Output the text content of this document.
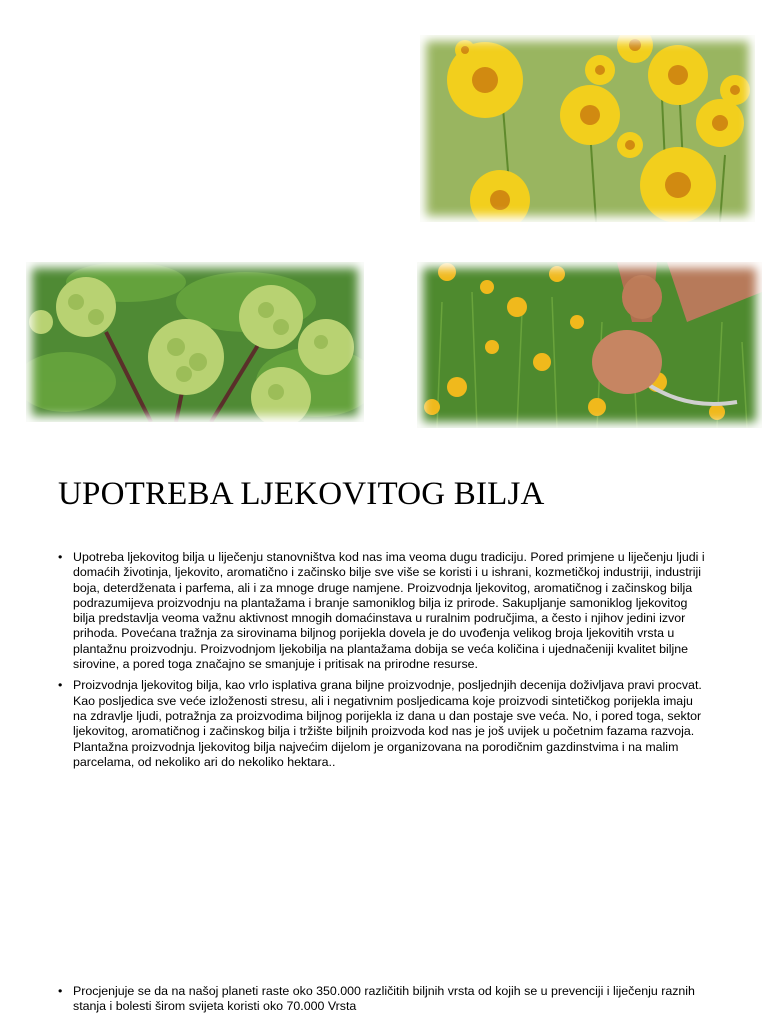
UPOTREBA LJEKOVITOG BILJA
• Upotreba ljekovitog bilja u liječenju stanovništva kod nas ima veoma dugu tradiciju. Pored primjene u liječenju ljudi i domaćih životinja, ljekovito, aromatično i začinsko bilje sve više se koristi i u ishrani, kozmetičkoj industriji, industriji boja, deterdženata i parfema, ali i za mnoge druge namjene. Proizvodnja ljekovitog, aromatičnog i začinskog bilja podrazumijeva proizvodnju na plantažama i branje samoniklog bilja iz prirode. Sakupljanje samoniklog ljekovitog bilja predstavlja veoma važnu aktivnost mnogih domaćinstava u ruralnim područjima, a često i njihov jedini izvor prihoda. Povećana tražnja za sirovinama biljnog porijekla dovela je do uvođenja velikog broja ljekovitih vrsta u plantažnu proizvodnju. Proizvodnjom ljekobilja na plantažama dobija se veća količina i ujednačeniji kvalitet biljne sirovine, a pored toga značajno se smanjuje i pritisak na prirodne resurse.
• Proizvodnja ljekovitog bilja, kao vrlo isplativa grana biljne proizvodnje, posljednjih decenija doživljava pravi procvat. Kao posljedica sve veće izloženosti stresu, ali i negativnim posljedicama koje proizvodi sintetičkog porijekla imaju na zdravlje ljudi, potražnja za proizvodima biljnog porijekla iz dana u dan postaje sve veća. No, i pored toga, sektor ljekovitog, aromatičnog i začinskog bilja i tržište biljnih proizvoda kod nas je još uvijek u početnim fazama razvoja. Plantažna proizvodnja ljekovitog bilja najvećim dijelom je organizovana na porodičnim gazdinstvima i na malim parcelama, od nekoliko ari do nekoliko hektara..
• Procjenjuje se da na našoj planeti raste oko 350.000 različitih biljnih vrsta od kojih se u prevenciji i liječenju raznih stanja i bolesti širom svijeta koristi oko 70.000 Vrsta
